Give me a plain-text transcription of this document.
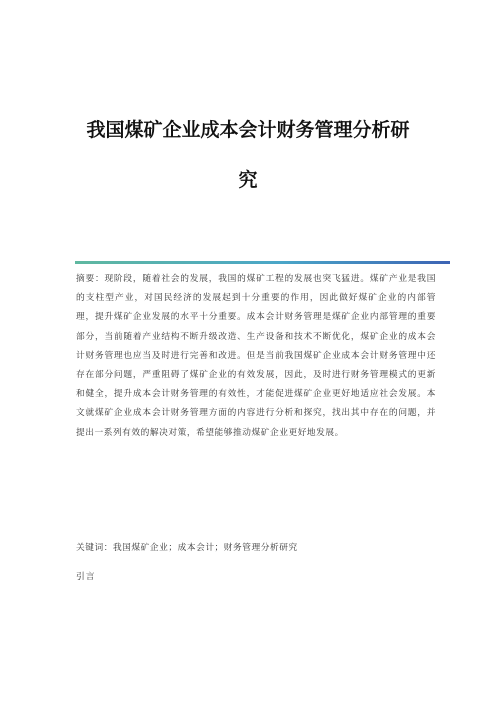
我国煤矿企业成本会计财务管理分析研
究

摘要：现阶段，随着社会的发展，我国的煤矿工程的发展也突飞猛进。煤矿产业是我国的支柱型产业，对国民经济的发展起到十分重要的作用，因此做好煤矿企业的内部管理，提升煤矿企业发展的水平十分重要。成本会计财务管理是煤矿企业内部管理的重要部分，当前随着产业结构不断升级改造、生产设备和技术不断优化，煤矿企业的成本会计财务管理也应当及时进行完善和改进。但是当前我国煤矿企业成本会计财务管理中还存在部分问题，严重阻碍了煤矿企业的有效发展，因此，及时进行财务管理模式的更新和健全，提升成本会计财务管理的有效性，才能促进煤矿企业更好地适应社会发展。本文就煤矿企业成本会计财务管理方面的内容进行分析和探究，找出其中存在的问题，并提出一系列有效的解决对策，希望能够推动煤矿企业更好地发展。

关键词：我国煤矿企业；成本会计；财务管理分析研究

引言
